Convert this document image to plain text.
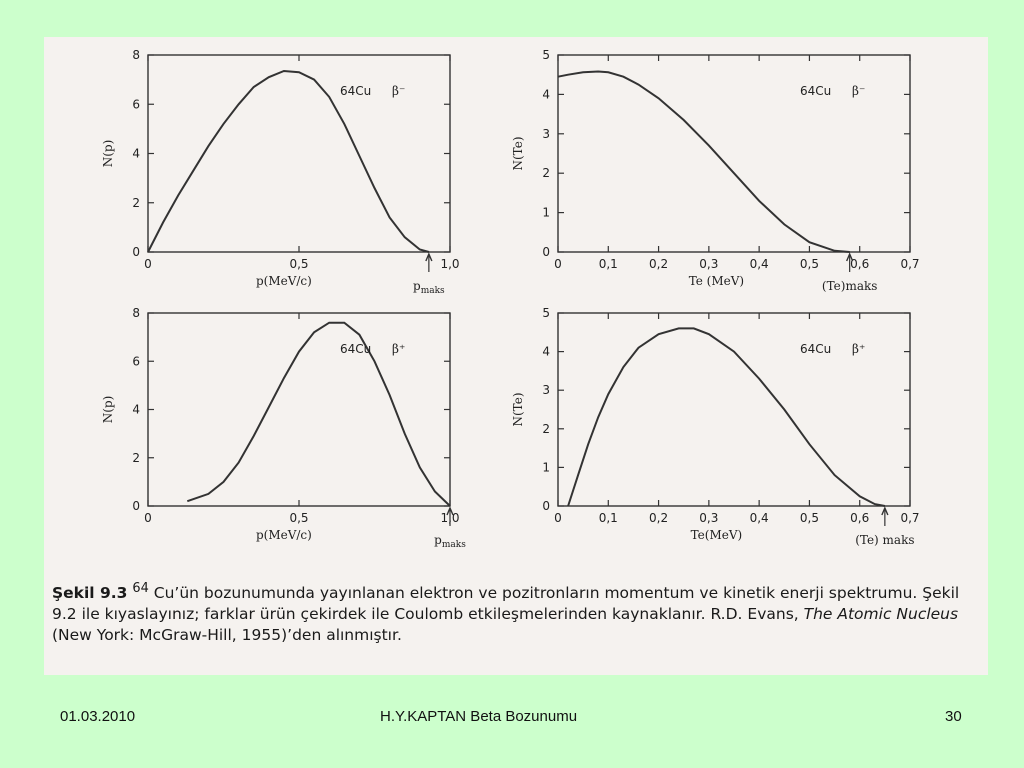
0
2
4
6
8
0	0,5	1,0
64Cu β⁻
p(MeV/c)
N(p)
$p_{maks}$
0
1
2
3
4
5
0	0,1	0,2	0,3	0,4	0,5	0,6	0,7
64Cu β⁻
Te (MeV)
N(Te)
(Te)maks
0
2
4
6
8
0	0,5	1,0
64Cu β⁺
p(MeV/c)
N(p)
$p_{maks}$
0
1
2
3
4
5
0	0,1	0,2	0,3	0,4	0,5	0,6	0,7
64Cu β⁺
Te(MeV)
N(Te)
(Te) maks

Şekil 9.3 $^{64}$ Cu’ün bozunumunda yayınlanan elektron ve pozitronların momentum ve kinetik enerji spektrumu. Şekil 9.2 ile kıyaslayınız; farklar ürün çekirdek ile Coulomb etkileşmelerinden kaynaklanır. R.D. Evans, The Atomic Nucleus (New York: McGraw-Hill, 1955)’den alınmıştır.

01.03.2010	H.Y.KAPTAN Beta Bozunumu	30
